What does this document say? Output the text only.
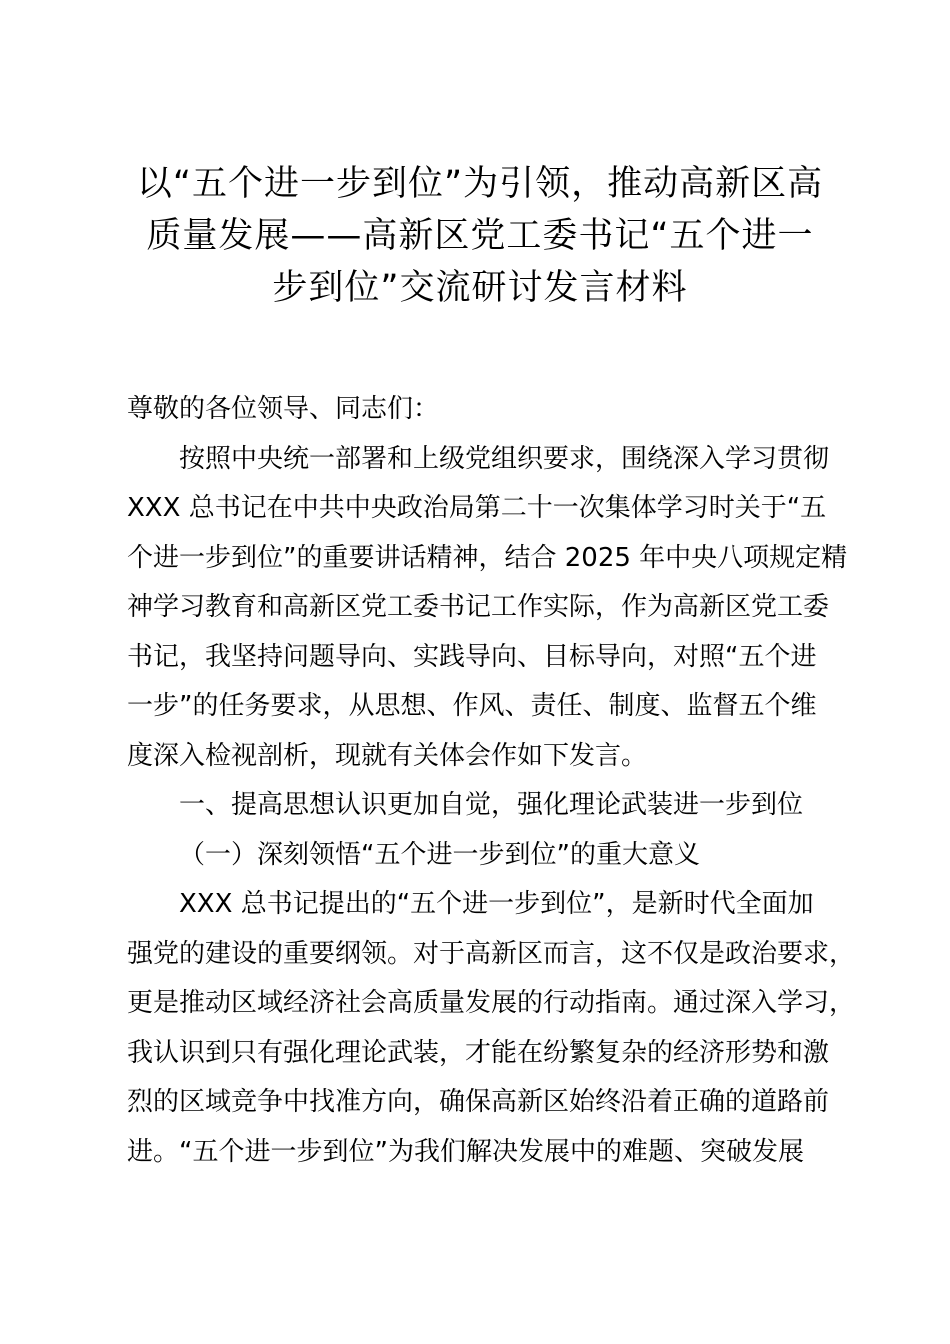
以“五个进一步到位”为引领，推动高新区高
质量发展——高新区党工委书记“五个进一
步到位”交流研讨发言材料
尊敬的各位领导、同志们：
按照中央统一部署和上级党组织要求，围绕深入学习贯彻
XXX 总书记在中共中央政治局第二十一次集体学习时关于“五
个进一步到位”的重要讲话精神，结合 2025 年中央八项规定精
神学习教育和高新区党工委书记工作实际，作为高新区党工委
书记，我坚持问题导向、实践导向、目标导向，对照“五个进
一步”的任务要求，从思想、作风、责任、制度、监督五个维
度深入检视剖析，现就有关体会作如下发言。
一、提高思想认识更加自觉，强化理论武装进一步到位
（一）深刻领悟“五个进一步到位”的重大意义
XXX 总书记提出的“五个进一步到位”，是新时代全面加
强党的建设的重要纲领。对于高新区而言，这不仅是政治要求，
更是推动区域经济社会高质量发展的行动指南。通过深入学习，
我认识到只有强化理论武装，才能在纷繁复杂的经济形势和激
烈的区域竞争中找准方向，确保高新区始终沿着正确的道路前
进。“五个进一步到位”为我们解决发展中的难题、突破发展
